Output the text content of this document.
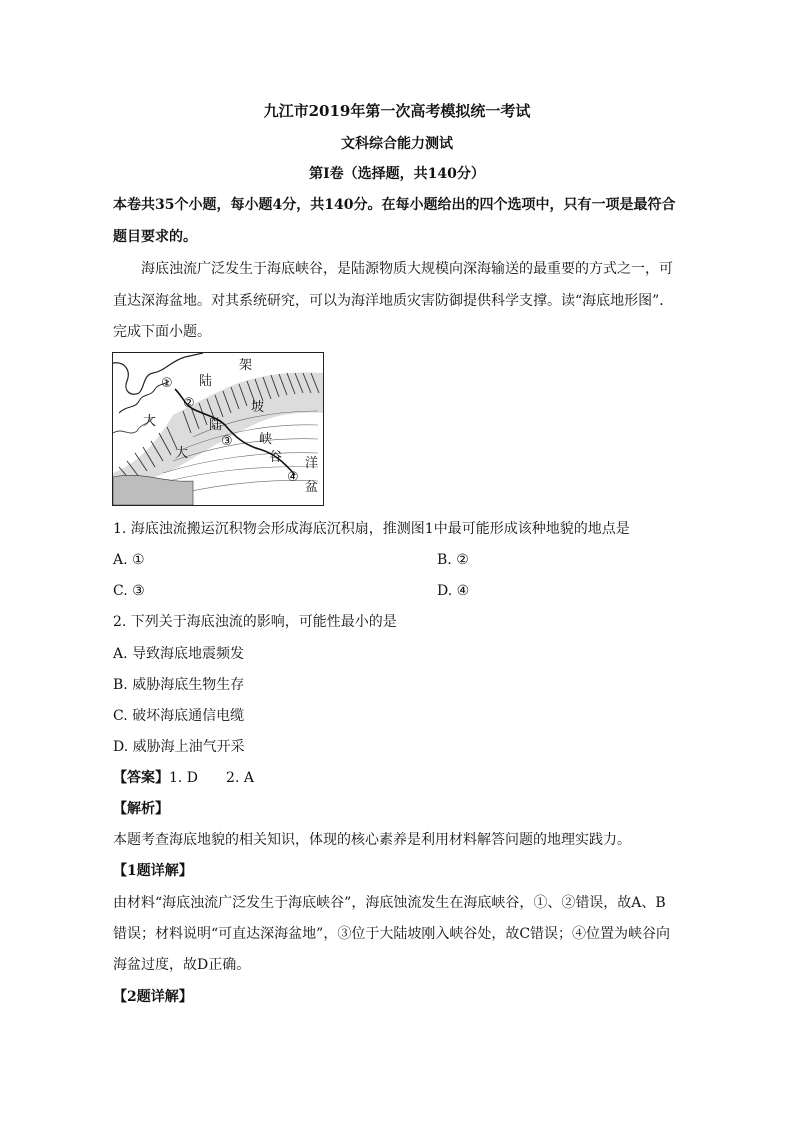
九江市2019年第一次高考模拟统一考试
文科综合能力测试
第Ⅰ卷（选择题，共140分）
本卷共35个小题，每小题4分，共140分。在每小题给出的四个选项中，只有一项是最符合
题目要求的。
海底浊流广泛发生于海底峡谷，是陆源物质大规模向深海输送的最重要的方式之一，可
直达深海盆地。对其系统研究，可以为海洋地质灾害防御提供科学支撑。读“海底地形图”．
完成下面小题。
架
陆
①
②	坡
陆
大
大
③ 峡
谷 洋
④
盆
1. 海底浊流搬运沉积物会形成海底沉积扇，推测图1中最可能形成该种地貌的地点是
A. ①	B. ②
C. ③	D. ④
2. 下列关于海底浊流的影响，可能性最小的是
A. 导致海底地震频发
B. 威胁海底生物生存
C. 破坏海底通信电缆
D. 威胁海上油气开采
【答案】1. D 2. A
【解析】
本题考查海底地貌的相关知识，体现的核心素养是利用材料解答问题的地理实践力。
【1题详解】
由材料“海底浊流广泛发生于海底峡谷”，海底蚀流发生在海底峡谷，①、②错误，故A、B
错误；材料说明“可直达深海盆地”，③位于大陆坡刚入峡谷处，故C错误；④位置为峡谷向
海盆过度，故D正确。
【2题详解】
